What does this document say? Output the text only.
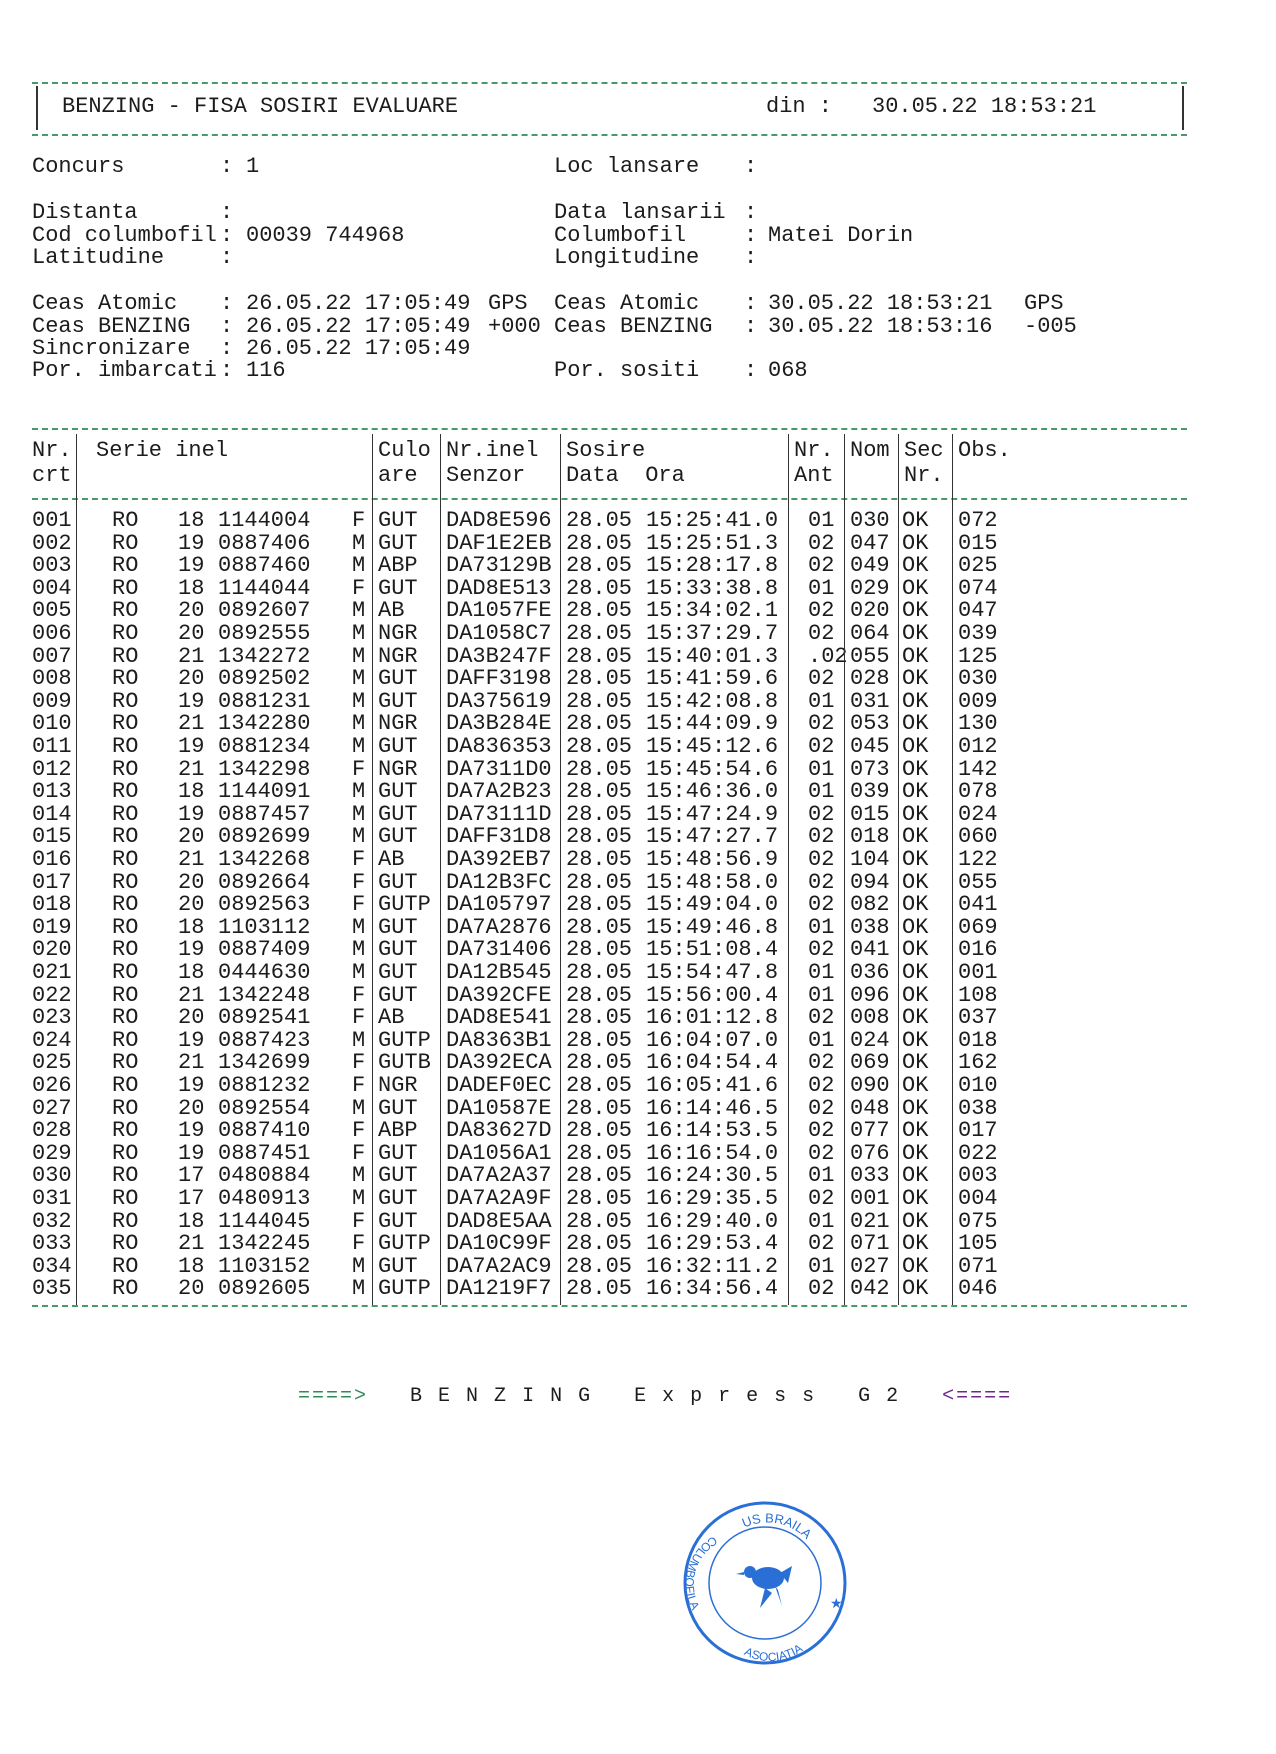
BENZING - FISA SOSIRI EVALUARE	din : 30.05.22 18:53:21
Concurs	: 1
Distanta	:
Cod columbofil : 00039 744968
Latitudine	:
Ceas Atomic : 26.05.22 17:05:49 GPS
Ceas BENZING : 26.05.22 17:05:49 +000
Sincronizare : 26.05.22 17:05:49
Por. imbarcati : 116
Loc lansare :
Data lansarii :
Columbofil	: Matei Dorin
Longitudine :
Ceas Atomic : 30.05.22 18:53:21 GPS
Ceas BENZING : 30.05.22 18:53:16 -005
Por. sositi : 068
Nr.
crt
Serie inel	Culo
are
Nr.inel
Senzor
Sosire
Data  Ora
Nr.
Ant
Nom Sec
Nr.
Obs.
001 RO 18 1144004 F GUT DAD8E596 28.05 15:25:41.0 01 030 OK 072
002 RO 19 0887406 M GUT DAF1E2EB 28.05 15:25:51.3 02 047 OK 015
003 RO 19 0887460 M ABP DA73129B 28.05 15:28:17.8 02 049 OK 025
004 RO 18 1144044 F GUT DAD8E513 28.05 15:33:38.8 01 029 OK 074
005 RO 20 0892607 M AB DA1057FE 28.05 15:34:02.1 02 020 OK 047
006 RO 20 0892555 M NGR DA1058C7 28.05 15:37:29.7 02 064 OK 039
007 RO 21 1342272 M NGR DA3B247F 28.05 15:40:01.3 .02 055 OK 125
008 RO 20 0892502 M GUT DAFF3198 28.05 15:41:59.6 02 028 OK 030
009 RO 19 0881231 M GUT DA375619 28.05 15:42:08.8 01 031 OK 009
010 RO 21 1342280 M NGR DA3B284E 28.05 15:44:09.9 02 053 OK 130
011 RO 19 0881234 M GUT DA836353 28.05 15:45:12.6 02 045 OK 012
012 RO 21 1342298 F NGR DA7311D0 28.05 15:45:54.6 01 073 OK 142
013 RO 18 1144091 M GUT DA7A2B23 28.05 15:46:36.0 01 039 OK 078
014 RO 19 0887457 M GUT DA73111D 28.05 15:47:24.9 02 015 OK 024
015 RO 20 0892699 M GUT DAFF31D8 28.05 15:47:27.7 02 018 OK 060
016 RO 21 1342268 F AB DA392EB7 28.05 15:48:56.9 02 104 OK 122
017 RO 20 0892664 F GUT DA12B3FC 28.05 15:48:58.0 02 094 OK 055
018 RO 20 0892563 F GUTP DA105797 28.05 15:49:04.0 02 082 OK 041
019 RO 18 1103112 M GUT DA7A2876 28.05 15:49:46.8 01 038 OK 069
020 RO 19 0887409 M GUT DA731406 28.05 15:51:08.4 02 041 OK 016
021 RO 18 0444630 M GUT DA12B545 28.05 15:54:47.8 01 036 OK 001
022 RO 21 1342248 F GUT DA392CFE 28.05 15:56:00.4 01 096 OK 108
023 RO 20 0892541 F AB DAD8E541 28.05 16:01:12.8 02 008 OK 037
024 RO 19 0887423 M GUTP DA8363B1 28.05 16:04:07.0 01 024 OK 018
025 RO 21 1342699 F GUTB DA392ECA 28.05 16:04:54.4 02 069 OK 162
026 RO 19 0881232 F NGR DADEF0EC 28.05 16:05:41.6 02 090 OK 010
027 RO 20 0892554 M GUT DA10587E 28.05 16:14:46.5 02 048 OK 038
028 RO 19 0887410 F ABP DA83627D 28.05 16:14:53.5 02 077 OK 017
029 RO 19 0887451 F GUT DA1056A1 28.05 16:16:54.0 02 076 OK 022
030 RO 17 0480884 M GUT DA7A2A37 28.05 16:24:30.5 01 033 OK 003
031 RO 17 0480913 M GUT DA7A2A9F 28.05 16:29:35.5 02 001 OK 004
032 RO 18 1144045 F GUT DAD8E5AA 28.05 16:29:40.0 01 021 OK 075
033 RO 21 1342245 F GUTP DA10C99F 28.05 16:29:53.4 02 071 OK 105
034 RO 18 1103152 M GUT DA7A2AC9 28.05 16:32:11.2 01 027 OK 071
035 RO 20 0892605 M GUTP DA1219F7 28.05 16:34:56.4 02 042 OK 046

====> B E N Z I N G   E x p r e s s   G 2 <====

US BRAILA
COLUMBOFILA
ASOCIATIA
★
